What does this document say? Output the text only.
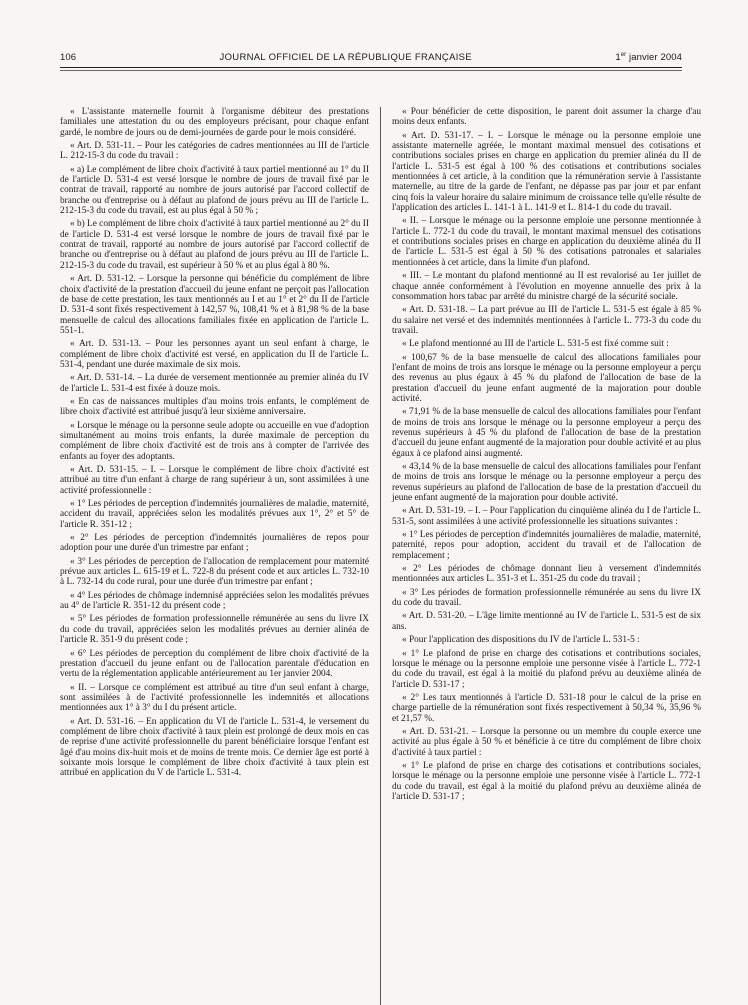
106	JOURNAL OFFICIEL DE LA RÉPUBLIQUE FRANÇAISE	1er janvier 2004

« L'assistante maternelle fournit à l'organisme débiteur des prestations familiales une attestation du ou des employeurs précisant, pour chaque enfant gardé, le nombre de jours ou de demi-journées de garde pour le mois considéré.

« Art. D. 531-11. – Pour les catégories de cadres mentionnées au III de l'article L. 212-15-3 du code du travail :

« a) Le complément de libre choix d'activité à taux partiel mentionné au 1° du II de l'article D. 531-4 est versé lorsque le nombre de jours de travail fixé par le contrat de travail, rapporté au nombre de jours autorisé par l'accord collectif de branche ou d'entreprise ou à défaut au plafond de jours prévu au III de l'article L. 212-15-3 du code du travail, est au plus égal à 50 % ;

« b) Le complément de libre choix d'activité à taux partiel mentionné au 2° du II de l'article D. 531-4 est versé lorsque le nombre de jours de travail fixé par le contrat de travail, rapporté au nombre de jours autorisé par l'accord collectif de branche ou d'entreprise ou à défaut au plafond de jours prévu au III de l'article L. 212-15-3 du code du travail, est supérieur à 50 % et au plus égal à 80 %.

« Art. D. 531-12. – Lorsque la personne qui bénéficie du complément de libre choix d'activité de la prestation d'accueil du jeune enfant ne perçoit pas l'allocation de base de cette prestation, les taux mentionnés au I et au 1° et 2° du II de l'article D. 531-4 sont fixés respectivement à 142,57 %, 108,41 % et à 81,98 % de la base mensuelle de calcul des allocations familiales fixée en application de l'article L. 551-1.

« Art. D. 531-13. – Pour les personnes ayant un seul enfant à charge, le complément de libre choix d'activité est versé, en application du II de l'article L. 531-4, pendant une durée maximale de six mois.

« Art. D. 531-14. – La durée de versement mentionnée au premier alinéa du IV de l'article L. 531-4 est fixée à douze mois.

« En cas de naissances multiples d'au moins trois enfants, le complément de libre choix d'activité est attribué jusqu'à leur sixième anniversaire.

« Lorsque le ménage ou la personne seule adopte ou accueille en vue d'adoption simultanément au moins trois enfants, la durée maximale de perception du complément de libre choix d'activité est de trois ans à compter de l'arrivée des enfants au foyer des adoptants.

« Art. D. 531-15. – I. – Lorsque le complément de libre choix d'activité est attribué au titre d'un enfant à charge de rang supérieur à un, sont assimilées à une activité professionnelle :

« 1° Les périodes de perception d'indemnités journalières de maladie, maternité, accident du travail, appréciées selon les modalités prévues aux 1°, 2° et 5° de l'article R. 351-12 ;

« 2° Les périodes de perception d'indemnités journalières de repos pour adoption pour une durée d'un trimestre par enfant ;

« 3° Les périodes de perception de l'allocation de remplacement pour maternité prévue aux articles L. 615-19 et L. 722-8 du présent code et aux articles L. 732-10 à L. 732-14 du code rural, pour une durée d'un trimestre par enfant ;

« 4° Les périodes de chômage indemnisé appréciées selon les modalités prévues au 4° de l'article R. 351-12 du présent code ;

« 5° Les périodes de formation professionnelle rémunérée au sens du livre IX du code du travail, appréciées selon les modalités prévues au dernier alinéa de l'article R. 351-9 du présent code ;

« 6° Les périodes de perception du complément de libre choix d'activité de la prestation d'accueil du jeune enfant ou de l'allocation parentale d'éducation en vertu de la réglementation applicable antérieurement au 1er janvier 2004.

« II. – Lorsque ce complément est attribué au titre d'un seul enfant à charge, sont assimilées à de l'activité professionnelle les indemnités et allocations mentionnées aux 1° à 3° du I du présent article.

« Art. D. 531-16. – En application du VI de l'article L. 531-4, le versement du complément de libre choix d'activité à taux plein est prolongé de deux mois en cas de reprise d'une activité professionnelle du parent bénéficiaire lorsque l'enfant est âgé d'au moins dix-huit mois et de moins de trente mois. Ce dernier âge est porté à soixante mois lorsque le complément de libre choix d'activité à taux plein est attribué en application du V de l'article L. 531-4.

« Pour bénéficier de cette disposition, le parent doit assumer la charge d'au moins deux enfants.

« Art. D. 531-17. – I. – Lorsque le ménage ou la personne emploie une assistante maternelle agréée, le montant maximal mensuel des cotisations et contributions sociales prises en charge en application du premier alinéa du II de l'article L. 531-5 est égal à 100 % des cotisations et contributions sociales mentionnées à cet article, à la condition que la rémunération servie à l'assistante maternelle, au titre de la garde de l'enfant, ne dépasse pas par jour et par enfant cinq fois la valeur horaire du salaire minimum de croissance telle qu'elle résulte de l'application des articles L. 141-1 à L. 141-9 et L. 814-1 du code du travail.

« II. – Lorsque le ménage ou la personne emploie une personne mentionnée à l'article L. 772-1 du code du travail, le montant maximal mensuel des cotisations et contributions sociales prises en charge en application du deuxième alinéa du II de l'article L. 531-5 est égal à 50 % des cotisations patronales et salariales mentionnées à cet article, dans la limite d'un plafond.

« III. – Le montant du plafond mentionné au II est revalorisé au 1er juillet de chaque année conformément à l'évolution en moyenne annuelle des prix à la consommation hors tabac par arrêté du ministre chargé de la sécurité sociale.

« Art. D. 531-18. – La part prévue au III de l'article L. 531-5 est égale à 85 % du salaire net versé et des indemnités mentionnées à l'article L. 773-3 du code du travail.

« Le plafond mentionné au III de l'article L. 531-5 est fixé comme suit :

« 100,67 % de la base mensuelle de calcul des allocations familiales pour l'enfant de moins de trois ans lorsque le ménage ou la personne employeur a perçu des revenus au plus égaux à 45 % du plafond de l'allocation de base de la prestation d'accueil du jeune enfant augmenté de la majoration pour double activité.

« 71,91 % de la base mensuelle de calcul des allocations familiales pour l'enfant de moins de trois ans lorsque le ménage ou la personne employeur a perçu des revenus supérieurs à 45 % du plafond de l'allocation de base de la prestation d'accueil du jeune enfant augmenté de la majoration pour double activité et au plus égaux à ce plafond ainsi augmenté.

« 43,14 % de la base mensuelle de calcul des allocations familiales pour l'enfant de moins de trois ans lorsque le ménage ou la personne employeur a perçu des revenus supérieurs au plafond de l'allocation de base de la prestation d'accueil du jeune enfant augmenté de la majoration pour double activité.

« Art. D. 531-19. – I. – Pour l'application du cinquième alinéa du I de l'article L. 531-5, sont assimilées à une activité professionnelle les situations suivantes :

« 1° Les périodes de perception d'indemnités journalières de maladie, maternité, paternité, repos pour adoption, accident du travail et de l'allocation de remplacement ;

« 2° Les périodes de chômage donnant lieu à versement d'indemnités mentionnées aux articles L. 351-3 et L. 351-25 du code du travail ;

« 3° Les périodes de formation professionnelle rémunérée au sens du livre IX du code du travail.

« Art. D. 531-20. – L'âge limite mentionné au IV de l'article L. 531-5 est de six ans.

« Pour l'application des dispositions du IV de l'article L. 531-5 :

« 1° Le plafond de prise en charge des cotisations et contributions sociales, lorsque le ménage ou la personne emploie une personne visée à l'article L. 772-1 du code du travail, est égal à la moitié du plafond prévu au deuxième alinéa de l'article D. 531-17 ;

« 2° Les taux mentionnés à l'article D. 531-18 pour le calcul de la prise en charge partielle de la rémunération sont fixés respectivement à 50,34 %, 35,96 % et 21,57 %.

« Art. D. 531-21. – Lorsque la personne ou un membre du couple exerce une activité au plus égale à 50 % et bénéficie à ce titre du complément de libre choix d'activité à taux partiel :

« 1° Le plafond de prise en charge des cotisations et contributions sociales, lorsque le ménage ou la personne emploie une personne visée à l'article L. 772-1 du code du travail, est égal à la moitié du plafond prévu au deuxième alinéa de l'article D. 531-17 ;
